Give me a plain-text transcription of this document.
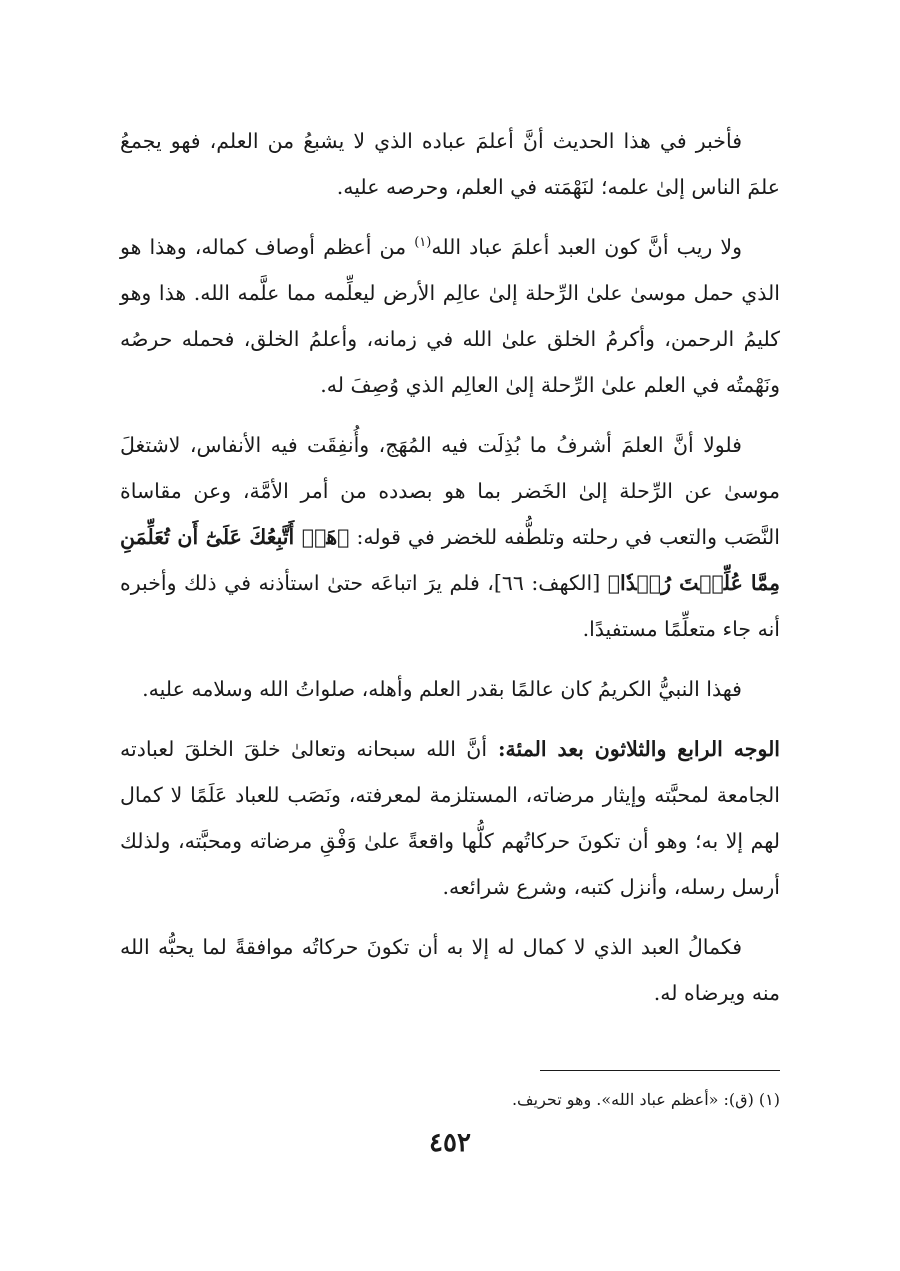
فأخبر في هذا الحديث أنَّ أعلمَ عباده الذي لا يشبعُ من العلم، فهو يجمعُ علمَ الناس إلىٰ علمه؛ لنَهْمَته في العلم، وحرصه عليه.

ولا ريب أنَّ كون العبد أعلمَ عباد الله$^{(١)}$ من أعظم أوصاف كماله، وهذا هو الذي حمل موسىٰ علىٰ الرِّحلة إلىٰ عالِم الأرض ليعلِّمه مما علَّمه الله. هذا وهو كليمُ الرحمن، وأكرمُ الخلق علىٰ الله في زمانه، وأعلمُ الخلق، فحمله حرصُه ونَهْمتُه في العلم علىٰ الرِّحلة إلىٰ العالِم الذي وُصِفَ له.

فلولا أنَّ العلمَ أشرفُ ما بُذِلَت فيه المُهَج، وأُنفِقَت فيه الأنفاس، لاشتغلَ موسىٰ عن الرِّحلة إلىٰ الخَضر بما هو بصدده من أمر الأمَّة، وعن مقاساة النَّصَب والتعب في رحلته وتلطُّفه للخضر في قوله: ﴿هَلۡ أَتَّبِعُكَ عَلَىٰٓ أَن تُعَلِّمَنِ مِمَّا عُلِّمۡتَ رُشۡدٗا﴾ [الكهف: ٦٦]، فلم يرَ اتباعَه حتىٰ استأذنه في ذلك وأخبره أنه جاء متعلِّمًا مستفيدًا.

فهذا النبيُّ الكريمُ كان عالمًا بقدر العلم وأهله، صلواتُ الله وسلامه عليه.

الوجه الرابع والثلاثون بعد المئة: أنَّ الله سبحانه وتعالىٰ خلقَ الخلقَ لعبادته الجامعة لمحبَّته وإيثار مرضاته، المستلزمة لمعرفته، ونَصَب للعباد عَلَمًا لا كمال لهم إلا به؛ وهو أن تكونَ حركاتُهم كلُّها واقعةً علىٰ وَفْقِ مرضاته ومحبَّته، ولذلك أرسل رسله، وأنزل كتبه، وشرع شرائعه.

فكمالُ العبد الذي لا كمال له إلا به أن تكونَ حركاتُه موافقةً لما يحبُّه الله منه ويرضاه له.

(١) (ق): «أعظم عباد الله». وهو تحريف.
٤٥٢
